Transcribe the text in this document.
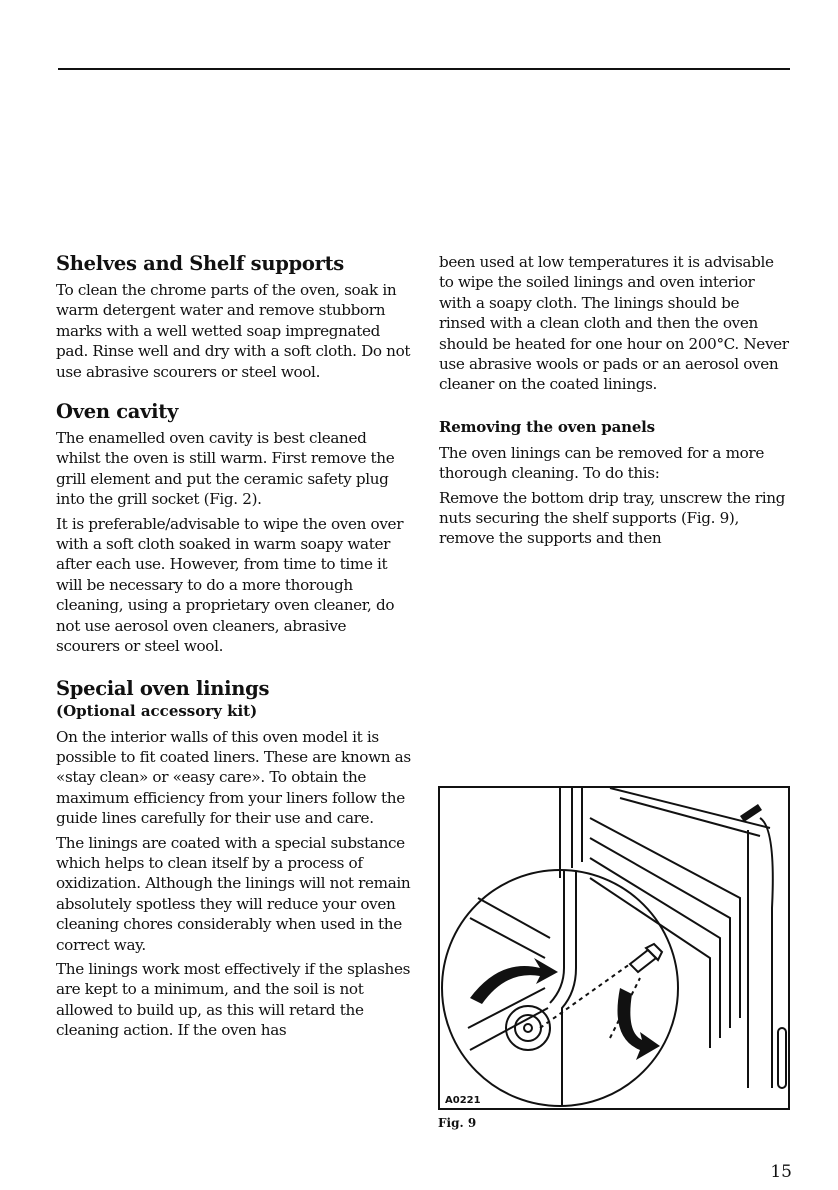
Shelves and Shelf supports

To clean the chrome parts of the oven, soak in warm detergent water and remove stubborn marks with a well wetted soap impregnated pad. Rinse well and dry with a soft cloth. Do not use abrasive scourers or steel wool.

Oven cavity

The enamelled oven cavity is best cleaned whilst the oven is still warm. First remove the grill element and put the ceramic safety plug into the grill socket (Fig. 2).

It is preferable/advisable to wipe the oven over with a soft cloth soaked in warm soapy water after each use. However, from time to time it will be necessary to do a more thorough cleaning, using a proprietary oven cleaner, do not use aerosol oven cleaners, abrasive scourers or steel wool.

Special oven linings
(Optional accessory kit)

On the interior walls of this oven model it is possible to fit coated liners. These are known as «stay clean» or «easy care». To obtain the maximum efficiency from your liners follow the guide lines carefully for their use and care.

The linings are coated with a special substance which helps to clean itself by a process of oxidization. Although the linings will not remain absolutely spotless they will reduce your oven cleaning chores considerably when used in the correct way.

The linings work most effectively if the splashes are kept to a minimum, and the soil is not allowed to build up, as this will retard the cleaning action. If the oven has

been used at low temperatures it is advisable to wipe the soiled linings and oven interior with a soapy cloth. The linings should be rinsed with a clean cloth and then the oven should be heated for one hour on 200°C. Never use abrasive wools or pads or an aerosol oven cleaner on the coated linings.

Removing the oven panels

The oven linings can be removed for a more thorough cleaning. To do this:

Remove the bottom drip tray, unscrew the ring nuts securing the shelf supports (Fig. 9), remove the supports and then

A0221
Fig. 9
15
